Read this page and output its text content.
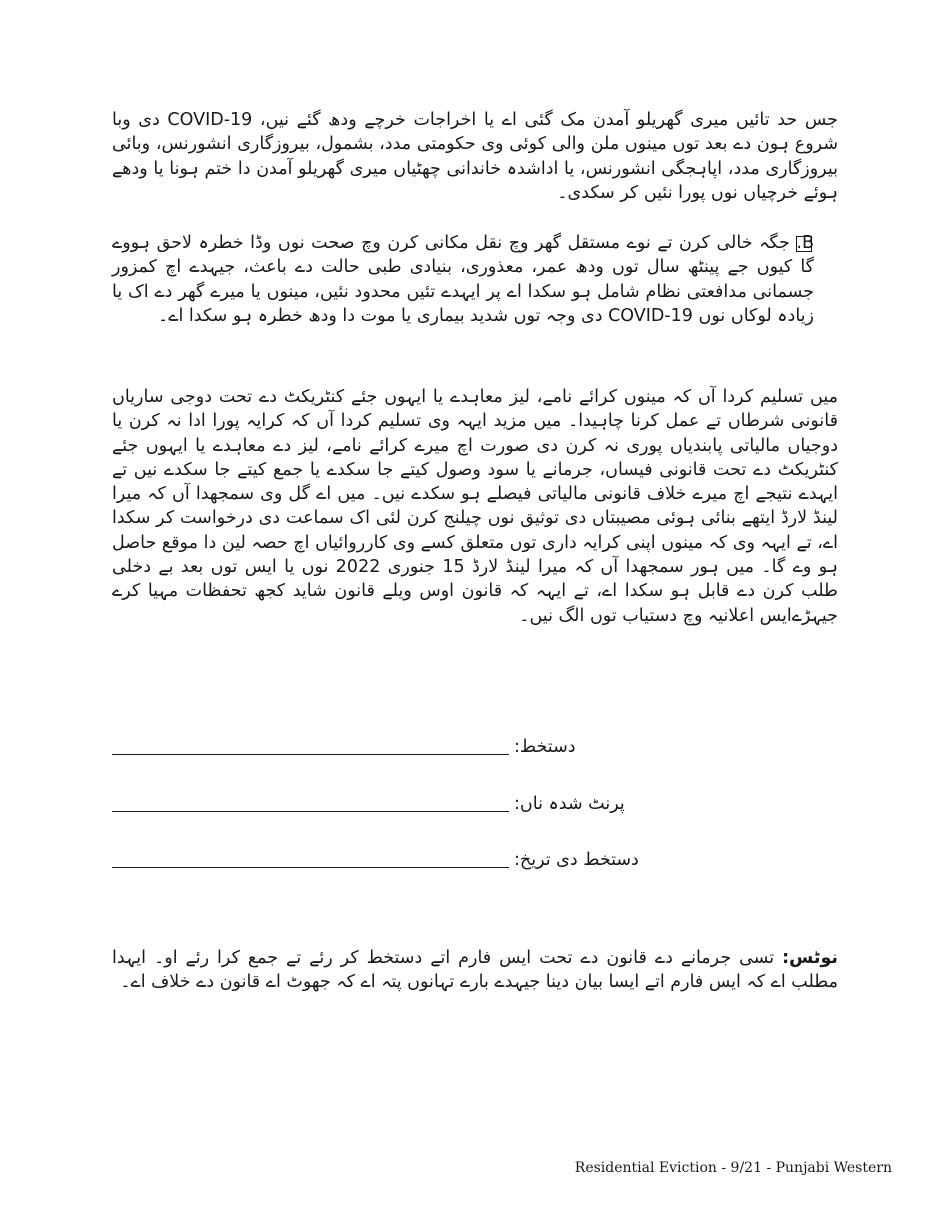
جس حد تائیں میری گھریلو آمدن مک گئی اے یا اخراجات خرچے ودھ گئے نیں، COVID-19 دی وبا شروع ہون دے بعد توں مینوں ملن والی کوئی وی حکومتی مدد، بشمول، بیروزگاری انشورنس، وبائی بیروزگاری مدد، اپاہجگی انشورنس، یا اداشدہ خاندانی چھٹیاں میری گھریلو آمدن دا ختم ہونا یا ودھے ہوئے خرچیاں نوں پورا نئیں کر سکدی۔

B. جگہ خالی کرن تے نوے مستقل گھر وچ نقل مکانی کرن وچ صحت نوں وڈا خطرہ لاحق ہووے گا کیوں جے پینٹھ سال توں ودھ عمر، معذوری، بنیادی طبی حالت دے باعث، جیہدے اچ کمزور جسمانی مدافعتی نظام شامل ہو سکدا اے پر ایہدے تئیں محدود نئیں، مینوں یا میرے گھر دے اک یا زیادہ لوکاں نوں COVID-19 دی وجہ توں شدید بیماری یا موت دا ودھ خطرہ ہو سکدا اے۔

میں تسلیم کردا آں کہ مینوں کرائے نامے، لیز معاہدے یا ایہوں جئے کنٹریکٹ دے تحت دوجی ساریاں قانونی شرطاں تے عمل کرنا چاہیدا۔ میں مزید ایہہ وی تسلیم کردا آں کہ کرایہ پورا ادا نہ کرن یا دوجیاں مالیاتی پابندیاں پوری نہ کرن دی صورت اچ میرے کرائے نامے، لیز دے معاہدے یا ایہوں جئے کنٹریکٹ دے تحت قانونی فیساں، جرمانے یا سود وصول کیتے جا سکدے یا جمع کیتے جا سکدے نیں تے ایہدے نتیجے اچ میرے خلاف قانونی مالیاتی فیصلے ہو سکدے نیں۔ میں اے گل وی سمجھدا آں کہ میرا لینڈ لارڈ ایتھے بنائی ہوئی مصیبتاں دی توثیق نوں چیلنج کرن لئی اک سماعت دی درخواست کر سکدا اے، تے ایہہ وی کہ مینوں اپنی کرایہ داری توں متعلق کسے وی کارروائیاں اچ حصہ لین دا موقع حاصل ہو وے گا۔ میں ہور سمجھدا آں کہ میرا لینڈ لارڈ 15 جنوری 2022 نوں یا ایس توں بعد بے دخلی طلب کرن دے قابل ہو سکدا اے، تے ایہہ کہ قانون اوس ویلے قانون شاید کجھ تحفظات مہیا کرے جیہڑےایس اعلانیہ وچ دستیاب توں الگ نیں۔

دستخط:
پرنٹ شدہ ناں:
دستخط دی تریخ:

نوٹس: تسی جرمانے دے قانون دے تحت ایس فارم اتے دستخط کر رئے تے جمع کرا رئے او۔ ایہدا مطلب اے کہ ایس فارم اتے ایسا بیان دینا جیہدے بارے تہانوں پتہ اے کہ جھوٹ اے قانون دے خلاف اے۔

Residential Eviction - 9/21 - Punjabi Western
